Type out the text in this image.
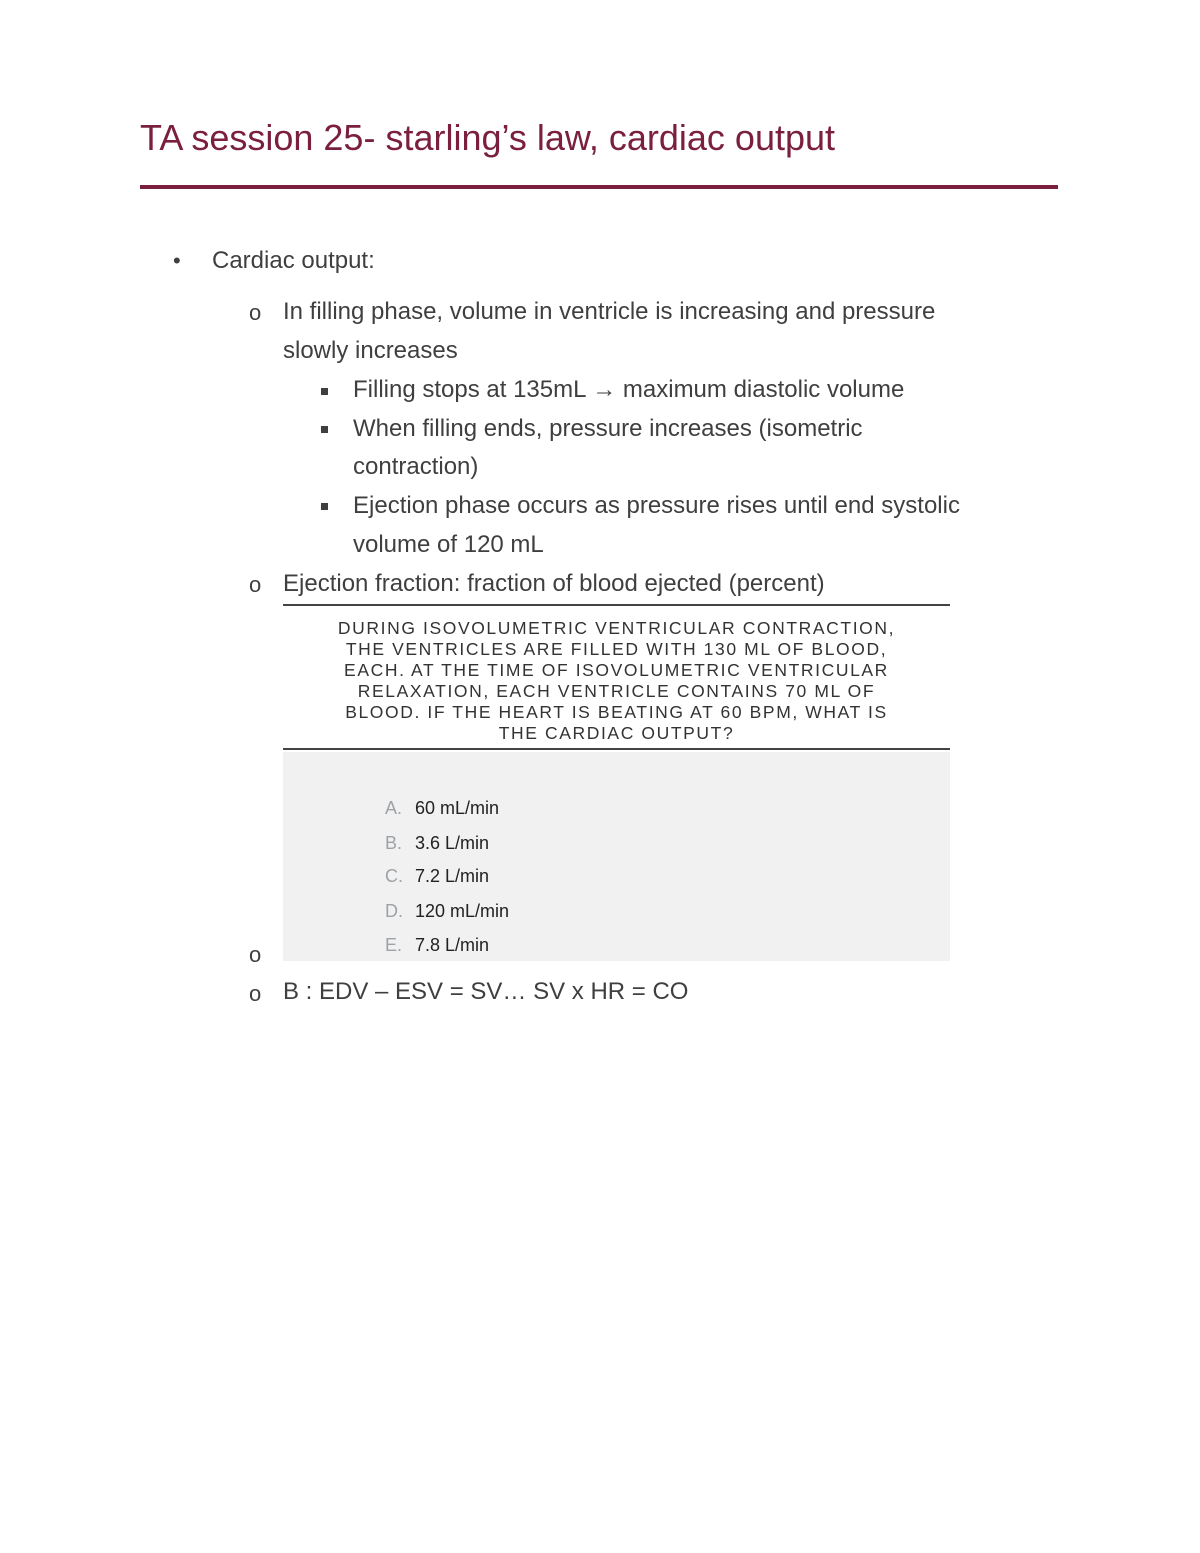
TA session 25- starling’s law, cardiac output
• Cardiac output:
o In filling phase, volume in ventricle is increasing and pressure
slowly increases
Filling stops at 135mL → maximum diastolic volume
When filling ends, pressure increases (isometric
contraction)
Ejection phase occurs as pressure rises until end systolic
volume of 120 mL
o Ejection fraction: fraction of blood ejected (percent)
DURING ISOVOLUMETRIC VENTRICULAR CONTRACTION,
THE VENTRICLES ARE FILLED WITH 130 ML OF BLOOD,
EACH. AT THE TIME OF ISOVOLUMETRIC VENTRICULAR
RELAXATION, EACH VENTRICLE CONTAINS 70 ML OF
BLOOD. IF THE HEART IS BEATING AT 60 BPM, WHAT IS
THE CARDIAC OUTPUT?
A. 60 mL/min
B. 3.6 L/min
C. 7.2 L/min
D. 120 mL/min
E. 7.8 L/min
o
o B : EDV – ESV = SV… SV x HR = CO
